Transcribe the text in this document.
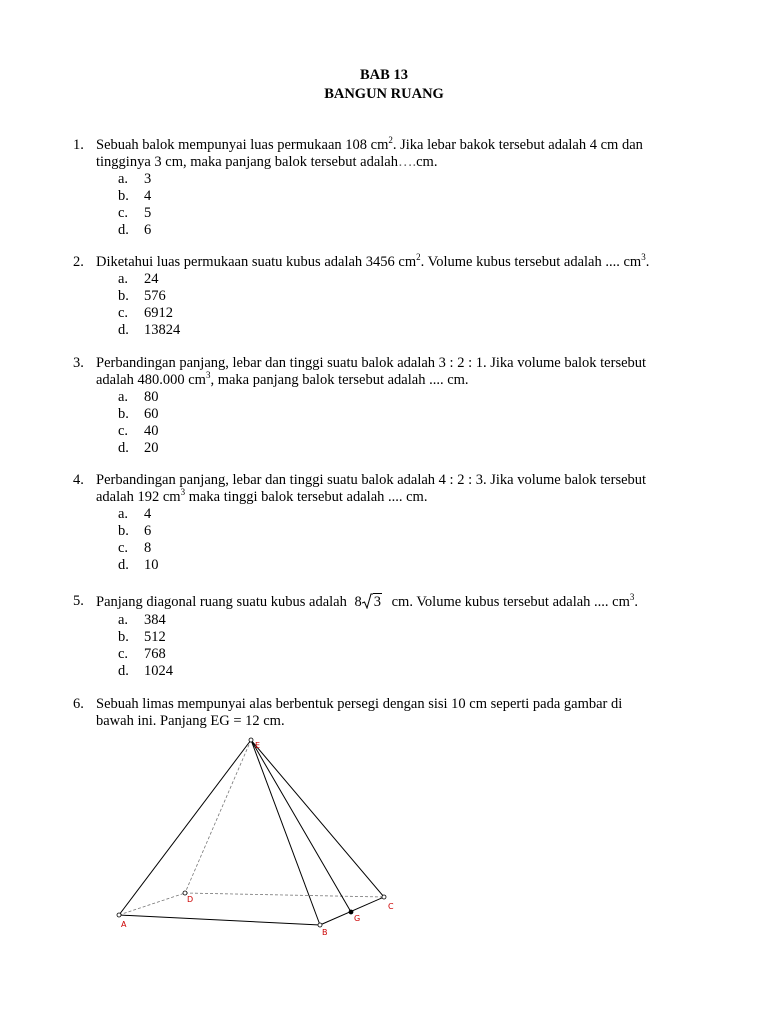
BAB 13
BANGUN RUANG
1. Sebuah balok mempunyai luas permukaan 108 $cm^2$. Jika lebar bakok tersebut adalah 4 cm dan
tingginya 3 cm, maka panjang balok tersebut adalah….cm.
a. 3
b. 4
c. 5
d. 6
2. Diketahui luas permukaan suatu kubus adalah 3456 $cm^2$. Volume kubus tersebut adalah .... $cm^3$.
a. 24
b. 576
c. 6912
d. 13824
3. Perbandingan panjang, lebar dan tinggi suatu balok adalah 3 : 2 : 1. Jika volume balok tersebut
adalah 480.000 $cm^3$, maka panjang balok tersebut adalah .... cm.
a. 80
b. 60
c. 40
d. 20
4. Perbandingan panjang, lebar dan tinggi suatu balok adalah 4 : 2 : 3. Jika volume balok tersebut
adalah 192 $cm^3$ maka tinggi balok tersebut adalah .... cm.
a. 4
b. 6
c. 8
d. 10
5. Panjang diagonal ruang suatu kubus adalah 8 3 cm. Volume kubus tersebut adalah .... $cm^3$.
a. 384
b. 512
c. 768
d. 1024
6. Sebuah limas mempunyai alas berbentuk persegi dengan sisi 10 cm seperti pada gambar di
bawah ini. Panjang EG = 12 cm.
E
A
B
C
D
G
